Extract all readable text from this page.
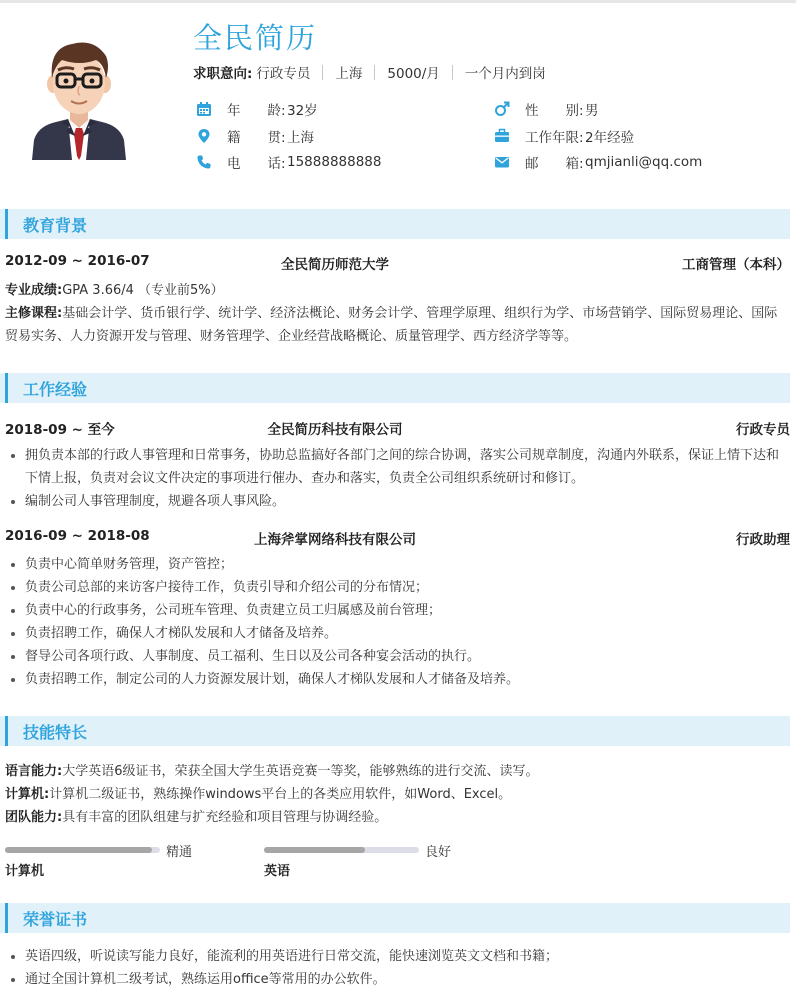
全民简历
求职意向: 行政专员 上海 5000/月 一个月内到岗
年　　龄: 32岁	性　　别: 男
籍　　贯: 上海	工作年限: 2年经验
电　　话: 15888888888	邮　　箱: qmjianli@qq.com
教育背景
2012-09 ~ 2016-07	全民简历师范大学	工商管理（本科）
专业成绩:GPA 3.66/4 （专业前5%）
主修课程:基础会计学、货币银行学、统计学、经济法概论、财务会计学、管理学原理、组织行为学、市场营销学、国际贸易理论、国际贸易实务、人力资源开发与管理、财务管理学、企业经营战略概论、质量管理学、西方经济学等等。
工作经验
2018-09 ~ 至今	全民简历科技有限公司	行政专员
拥负责本部的行政人事管理和日常事务，协助总监搞好各部门之间的综合协调，落实公司规章制度，沟通内外联系，保证上情下达和下情上报，负责对会议文件决定的事项进行催办、查办和落实，负责全公司组织系统研讨和修订。
编制公司人事管理制度，规避各项人事风险。
2016-09 ~ 2018-08	上海斧掌网络科技有限公司	行政助理
负责中心简单财务管理，资产管控；
负责公司总部的来访客户接待工作，负责引导和介绍公司的分布情况；
负责中心的行政事务，公司班车管理、负责建立员工归属感及前台管理；
负责招聘工作，确保人才梯队发展和人才储备及培养。
督导公司各项行政、人事制度、员工福利、生日以及公司各种宴会活动的执行。
负责招聘工作，制定公司的人力资源发展计划，确保人才梯队发展和人才储备及培养。
技能特长
语言能力:大学英语6级证书，荣获全国大学生英语竞赛一等奖，能够熟练的进行交流、读写。
计算机:计算机二级证书，熟练操作windows平台上的各类应用软件，如Word、Excel。
团队能力:具有丰富的团队组建与扩充经验和项目管理与协调经验。
精通
计算机
良好
英语
荣誉证书
英语四级，听说读写能力良好，能流利的用英语进行日常交流，能快速浏览英文文档和书籍；
通过全国计算机二级考试，熟练运用office等常用的办公软件。
